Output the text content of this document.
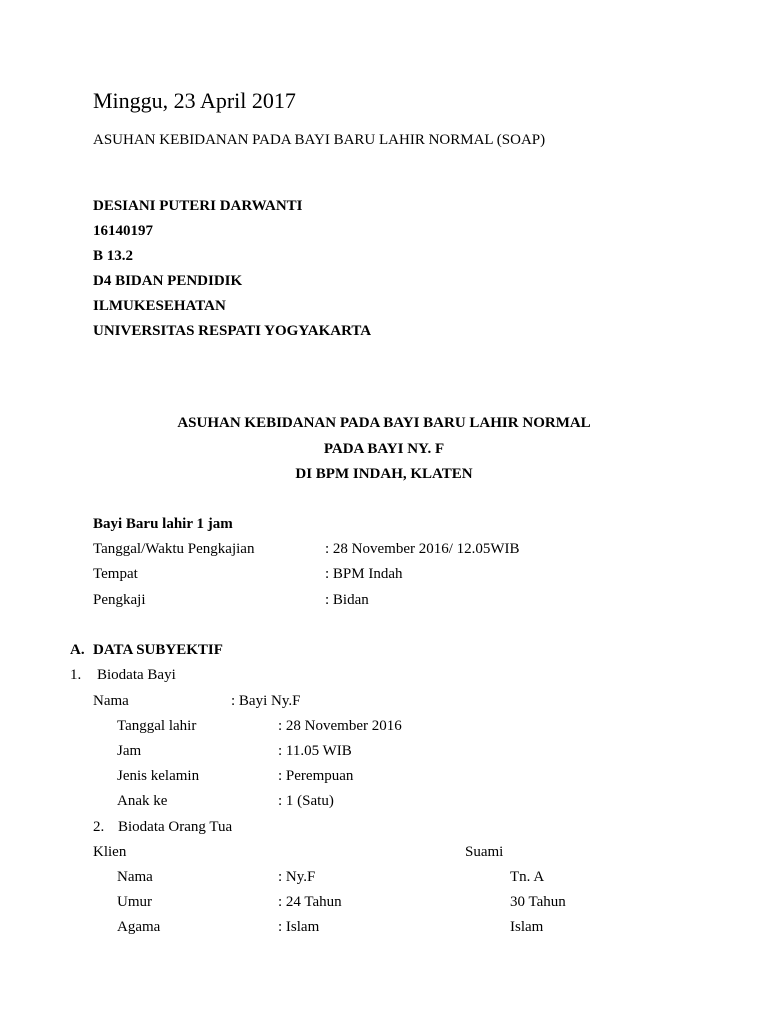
Minggu, 23 April 2017
ASUHAN KEBIDANAN PADA BAYI BARU LAHIR NORMAL (SOAP)
DESIANI PUTERI DARWANTI
16140197
B 13.2
D4 BIDAN PENDIDIK
ILMUKESEHATAN
UNIVERSITAS RESPATI YOGYAKARTA
ASUHAN KEBIDANAN PADA BAYI BARU LAHIR NORMAL
PADA BAYI NY. F
DI BPM INDAH, KLATEN
Bayi Baru lahir 1 jam
Tanggal/Waktu Pengkajian	: 28 November 2016/ 12.05WIB
Tempat	: BPM Indah
Pengkaji	: Bidan
A. DATA SUBYEKTIF
1. Biodata Bayi
Nama	: Bayi Ny.F
Tanggal lahir	: 28 November 2016
Jam	: 11.05 WIB
Jenis kelamin	: Perempuan
Anak ke	: 1 (Satu)
2. Biodata Orang Tua
Klien	Suami
Nama	: Ny.F	Tn. A
Umur	: 24 Tahun	30 Tahun
Agama	: Islam	Islam
